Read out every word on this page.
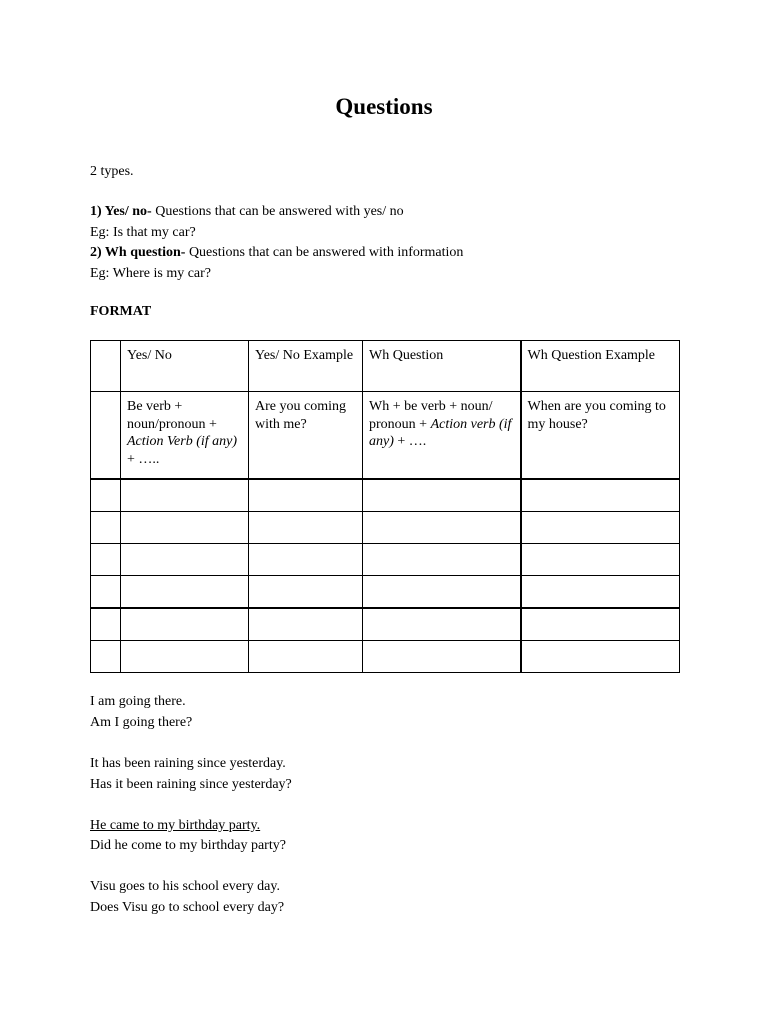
Questions
2 types.
1) Yes/ no- Questions that can be answered with yes/ no
Eg: Is that my car?
2) Wh question- Questions that can be answered with information
Eg: Where is my car?
FORMAT

	Yes/ No	Yes/ No Example	Wh Question	Wh Question Example

	Be verb + noun/pronoun + Action Verb (if any) + …..	Are you coming with me?	Wh + be verb + noun/ pronoun + Action verb (if any) + ….	When are you coming to my house?

I am going there.
Am I going there?
It has been raining since yesterday.
Has it been raining since yesterday?
He came to my birthday party.
Did he come to my birthday party?
Visu goes to his school every day.
Does Visu go to school every day?
